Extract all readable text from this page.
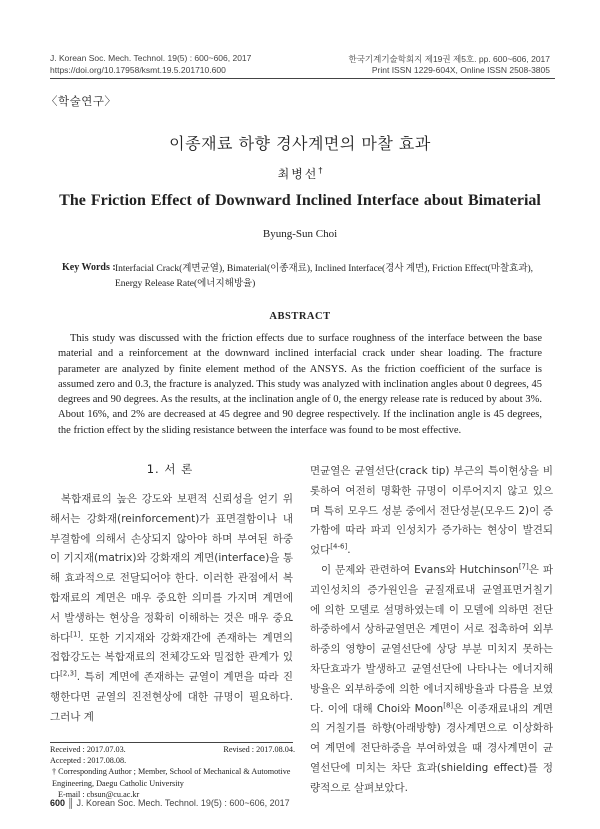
J. Korean Soc. Mech. Technol. 19(5) : 600~606, 2017
https://doi.org/10.17958/ksmt.19.5.201710.600
한국기계기술학회지 제19권 제5호. pp. 600~606, 2017
Print ISSN 1229-604X, Online ISSN 2508-3805
〈학술연구〉
이종재료 하향 경사계면의 마찰 효과
최병선†
The Friction Effect of Downward Inclined Interface about Bimaterial
Byung-Sun Choi
Key Words : Interfacial Crack(계면균열), Bimaterial(이종재료), Inclined Interface(경사 계면), Friction Effect(마찰효과), Energy Release Rate(에너지해방율)
ABSTRACT
This study was discussed with the friction effects due to surface roughness of the interface between the base material and a reinforcement at the downward inclined interfacial crack under shear loading. The fracture parameter are analyzed by finite element method of the ANSYS. As the friction coefficient of the surface is assumed zero and 0.3, the fracture is analyzed. This study was analyzed with inclination angles about 0 degrees, 45 degrees and 90 degrees. As the results, at the inclination angle of 0, the energy release rate is reduced by about 3%. About 16%, and 2% are decreased at 45 degree and 90 degree respectively. If the inclination angle is 45 degrees, the friction effect by the sliding resistance between the interface was found to be most effective.
1. 서 론

복합재료의 높은 강도와 보편적 신뢰성을 얻기 위해서는 강화재(reinforcement)가 표면결함이나 내부결함에 의해서 손상되지 않아야 하며 부여된 하중이 기지재(matrix)와 강화재의 계면(interface)을 통해 효과적으로 전달되어야 한다. 이러한 관점에서 복합재료의 계면은 매우 중요한 의미를 가지며 계면에서 발생하는 현상을 정확히 이해하는 것은 매우 중요하다[1]. 또한 기지재와 강화재간에 존재하는 계면의 접합강도는 복합재료의 전체강도와 밀접한 관계가 있다[2,3]. 특히 계면에 존재하는 균열이 계면을 따라 진행한다면 균열의 진전현상에 대한 규명이 필요하다. 그러나 계

Received : 2017.07.03.	Revised : 2017.08.04.
Accepted : 2017.08.08.
† Corresponding Author ; Member, School of Mechanical & Automotive Engineering, Daegu Catholic University
E-mail : cbsun@cu.ac.kr

면균열은 균열선단(crack tip) 부근의 특이현상을 비롯하여 여전히 명확한 규명이 이루어지지 않고 있으며 특히 모우드 성분 중에서 전단성분(모우드 2)이 증가함에 따라 파괴 인성치가 증가하는 현상이 발견되었다[4-6].

이 문제와 관련하여 Evans와 Hutchinson[7]은 파괴인성치의 증가원인을 균질재료내 균열표면거칠기에 의한 모델로 설명하였는데 이 모델에 의하면 전단하중하에서 상하균열면은 계면이 서로 접촉하여 외부하중의 영향이 균열선단에 상당 부분 미치지 못하는 차단효과가 발생하고 균열선단에 나타나는 에너지해방율은 외부하중에 의한 에너지해방율과 다름을 보였다. 이에 대해 Choi와 Moon[8]은 이종재료내의 계면의 거칠기를 하향(아래방향) 경사계면으로 이상화하여 계면에 전단하중을 부여하였을 때 경사계면이 균열선단에 미치는 차단 효과(shielding effect)를 정량적으로 살펴보았다.

600 ║ J. Korean Soc. Mech. Technol. 19(5) : 600~606, 2017
